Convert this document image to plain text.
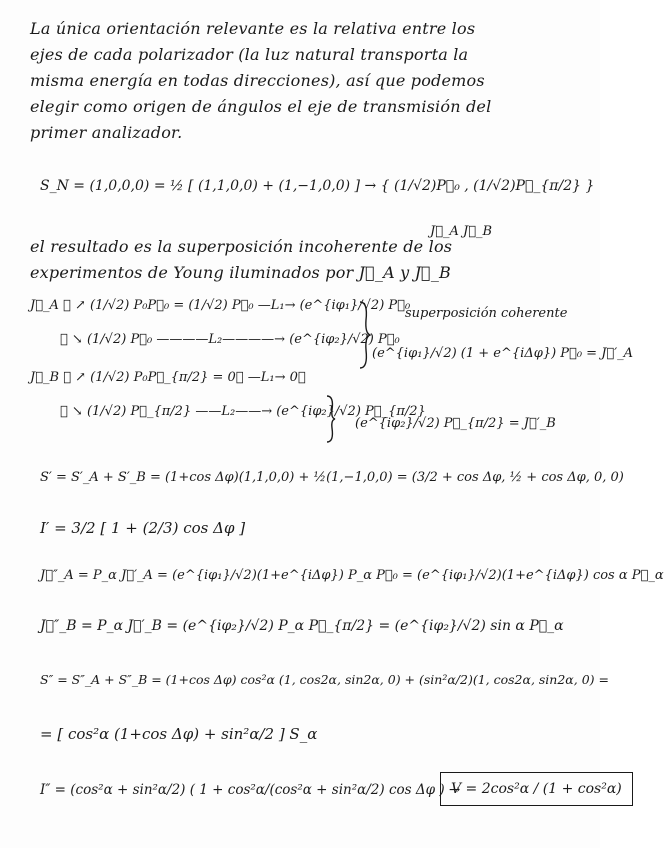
La única orientación relevante es la relativa entre los
ejes de cada polarizador (la luz natural transporta la
misma energía en todas direcciones), así que podemos
elegir como origen de ángulos el eje de transmisión del
primer analizador.
S_N = (1,0,0,0) = ½ [ (1,1,0,0) + (1,−1,0,0) ] → { (1/√2)P⃗₀ , (1/√2)P⃗_{π/2} }
J⃗_A J⃗_B
el resultado es la superposición incoherente de los
experimentos de Young iluminados por J⃗_A y J⃗_B
J⃗_A ① ↗ (1/√2) P₀P⃗₀ = (1/√2) P⃗₀ —L₁→ (e^{iφ₁}/√2) P⃗₀
② ↘ (1/√2) P⃗₀ ————L₂————→ (e^{iφ₂}/√2) P⃗₀
superposición coherente
(e^{iφ₁}/√2) (1 + e^{iΔφ}) P⃗₀ = J⃗′_A
J⃗_B ① ↗ (1/√2) P₀P⃗_{π/2} = 0⃗ —L₁→ 0⃗
② ↘ (1/√2) P⃗_{π/2} ——L₂——→ (e^{iφ₂}/√2) P⃗_{π/2}
(e^{iφ₂}/√2) P⃗_{π/2} = J⃗′_B
S′ = S′_A + S′_B = (1+cos Δφ)(1,1,0,0) + ½(1,−1,0,0) = (3/2 + cos Δφ, ½ + cos Δφ, 0, 0)
I′ = 3/2 [ 1 + (2/3) cos Δφ ]
J⃗″_A = P_α J⃗′_A = (e^{iφ₁}/√2)(1+e^{iΔφ}) P_α P⃗₀ = (e^{iφ₁}/√2)(1+e^{iΔφ}) cos α P⃗_α
J⃗″_B = P_α J⃗′_B = (e^{iφ₂}/√2) P_α P⃗_{π/2} = (e^{iφ₂}/√2) sin α P⃗_α
S″ = S″_A + S″_B = (1+cos Δφ) cos²α (1, cos2α, sin2α, 0) + (sin²α/2)(1, cos2α, sin2α, 0) =
= [ cos²α (1+cos Δφ) + sin²α/2 ] S_α
I″ = (cos²α + sin²α/2) ( 1 + cos²α/(cos²α + sin²α/2) cos Δφ ) →
V = 2cos²α / (1 + cos²α)
